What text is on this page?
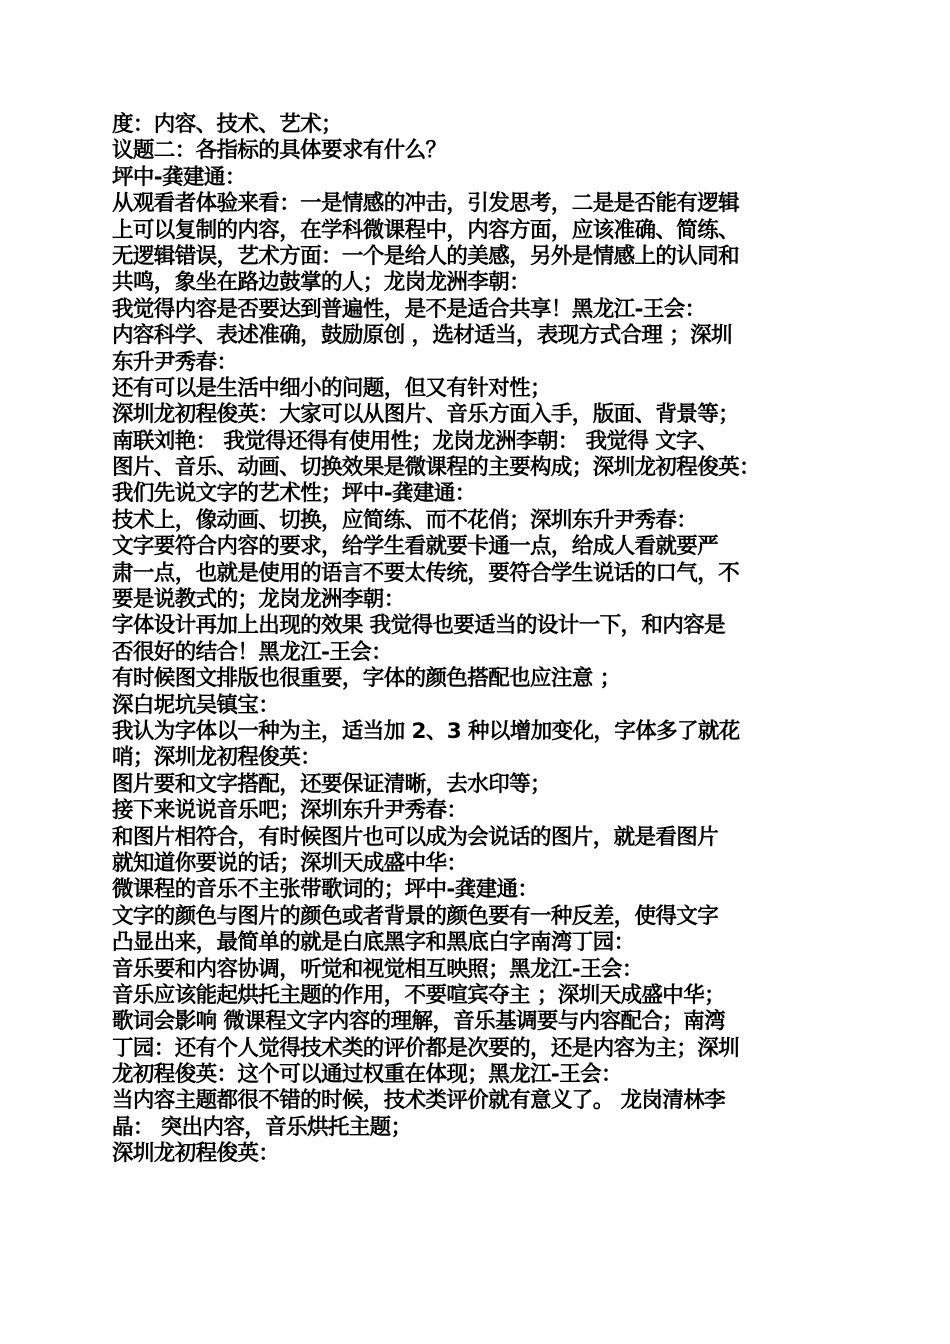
度：内容、技术、艺术；
议题二：各指标的具体要求有什么？
坪中-龚建通：
从观看者体验来看：一是情感的冲击，引发思考，二是是否能有逻辑
上可以复制的内容，在学科微课程中，内容方面，应该准确、简练、
无逻辑错误，艺术方面：一个是给人的美感，另外是情感上的认同和
共鸣，象坐在路边鼓掌的人；龙岗龙洲李朝：
我觉得内容是否要达到普遍性，是不是适合共享！黑龙江-王会：
内容科学、表述准确，鼓励原创 ，选材适当，表现方式合理 ；深圳
东升尹秀春：
还有可以是生活中细小的问题，但又有针对性；
深圳龙初程俊英：大家可以从图片、音乐方面入手，版面、背景等；
南联刘艳： 我觉得还得有使用性；龙岗龙洲李朝： 我觉得 文字、
图片、音乐、动画、切换效果是微课程的主要构成；深圳龙初程俊英：
我们先说文字的艺术性；坪中-龚建通：
技术上，像动画、切换，应简练、而不花俏；深圳东升尹秀春：
文字要符合内容的要求，给学生看就要卡通一点，给成人看就要严
肃一点，也就是使用的语言不要太传统，要符合学生说话的口气，不
要是说教式的；龙岗龙洲李朝：
字体设计再加上出现的效果 我觉得也要适当的设计一下，和内容是
否很好的结合！黑龙江-王会：
有时候图文排版也很重要，字体的颜色搭配也应注意 ；
深白坭坑吴镇宝：
我认为字体以一种为主，适当加 2、3 种以增加变化，字体多了就花
哨；深圳龙初程俊英：
图片要和文字搭配，还要保证清晰，去水印等；
接下来说说音乐吧；深圳东升尹秀春：
和图片相符合，有时候图片也可以成为会说话的图片，就是看图片
就知道你要说的话；深圳天成盛中华：
微课程的音乐不主张带歌词的；坪中-龚建通：
文字的颜色与图片的颜色或者背景的颜色要有一种反差，使得文字
凸显出来，最简单的就是白底黑字和黑底白字南湾丁园：
音乐要和内容协调，听觉和视觉相互映照；黑龙江-王会：
音乐应该能起烘托主题的作用，不要喧宾夺主 ；深圳天成盛中华；
歌词会影响 微课程文字内容的理解，音乐基调要与内容配合；南湾
丁园：还有个人觉得技术类的评价都是次要的，还是内容为主；深圳
龙初程俊英：这个可以通过权重在体现；黑龙江-王会：
当内容主题都很不错的时候，技术类评价就有意义了。 龙岗清林李
晶： 突出内容，音乐烘托主题；
深圳龙初程俊英：
